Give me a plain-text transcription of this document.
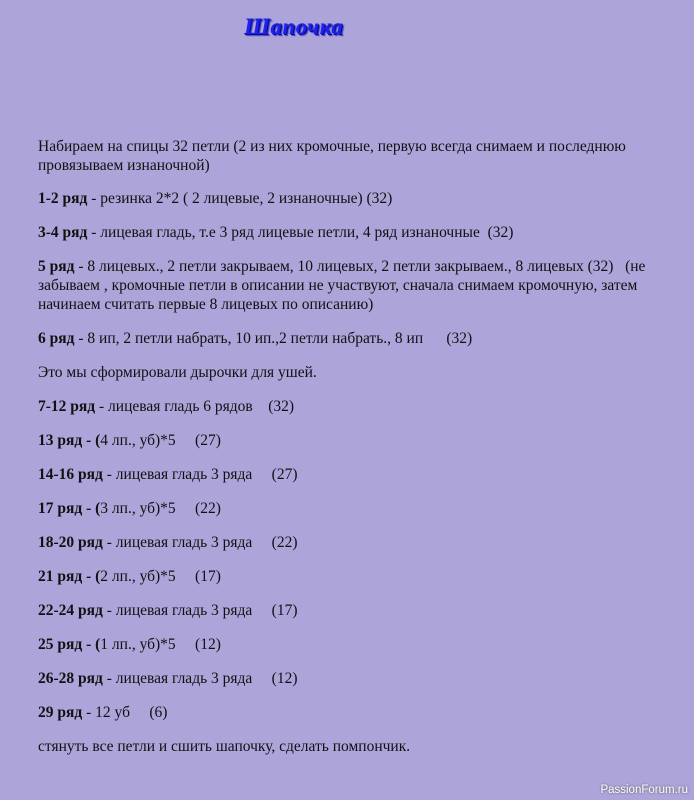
Шапочка

Набираем на спицы 32 петли (2 из них кромочные, первую всегда снимаем и последнюю провязываем изнаночной)

1-2 ряд - резинка 2*2 ( 2 лицевые, 2 изнаночные) (32)

3-4 ряд - лицевая гладь, т.е 3 ряд лицевые петли, 4 ряд изнаночные  (32)

5 ряд - 8 лицевых., 2 петли закрываем, 10 лицевых, 2 петли закрываем., 8 лицевых (32)   (не забываем , кромочные петли в описании не участвуют, сначала снимаем кромочную, затем начинаем считать первые 8 лицевых по описанию)

6 ряд - 8 ип, 2 петли набрать, 10 ип.,2 петли набрать., 8 ип      (32)

Это мы сформировали дырочки для ушей.

7-12 ряд - лицевая гладь 6 рядов    (32)

13 ряд - (4 лп., уб)*5     (27)

14-16 ряд - лицевая гладь 3 ряда     (27)

17 ряд - (3 лп., уб)*5     (22)

18-20 ряд - лицевая гладь 3 ряда     (22)

21 ряд - (2 лп., уб)*5     (17)

22-24 ряд - лицевая гладь 3 ряда     (17)

25 ряд - (1 лп., уб)*5     (12)

26-28 ряд - лицевая гладь 3 ряда     (12)

29 ряд - 12 уб     (6)

стянуть все петли и сшить шапочку, сделать помпончик.

PassionForum.ru
